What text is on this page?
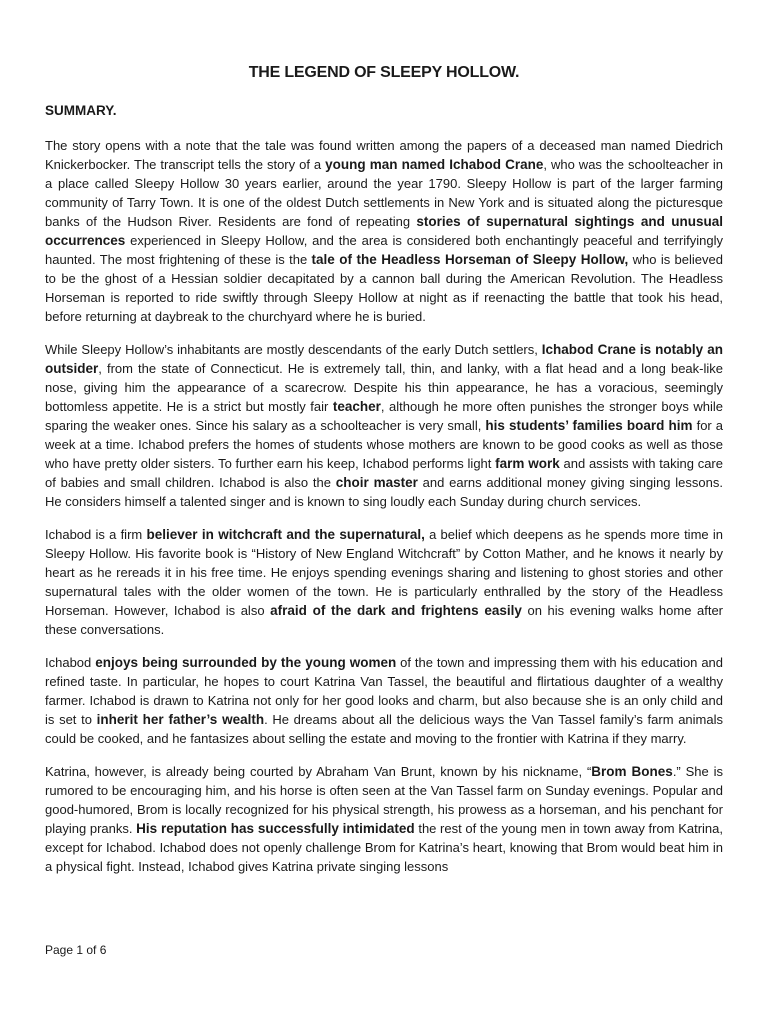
THE LEGEND OF SLEEPY HOLLOW.
SUMMARY.

The story opens with a note that the tale was found written among the papers of a deceased man named Diedrich Knickerbocker. The transcript tells the story of a young man named Ichabod Crane, who was the schoolteacher in a place called Sleepy Hollow 30 years earlier, around the year 1790. Sleepy Hollow is part of the larger farming community of Tarry Town. It is one of the oldest Dutch settlements in New York and is situated along the picturesque banks of the Hudson River. Residents are fond of repeating stories of supernatural sightings and unusual occurrences experienced in Sleepy Hollow, and the area is considered both enchantingly peaceful and terrifyingly haunted. The most frightening of these is the tale of the Headless Horseman of Sleepy Hollow, who is believed to be the ghost of a Hessian soldier decapitated by a cannon ball during the American Revolution. The Headless Horseman is reported to ride swiftly through Sleepy Hollow at night as if reenacting the battle that took his head, before returning at daybreak to the churchyard where he is buried.

While Sleepy Hollow’s inhabitants are mostly descendants of the early Dutch settlers, Ichabod Crane is notably an outsider, from the state of Connecticut. He is extremely tall, thin, and lanky, with a flat head and a long beak-like nose, giving him the appearance of a scarecrow. Despite his thin appearance, he has a voracious, seemingly bottomless appetite. He is a strict but mostly fair teacher, although he more often punishes the stronger boys while sparing the weaker ones. Since his salary as a schoolteacher is very small, his students’ families board him for a week at a time. Ichabod prefers the homes of students whose mothers are known to be good cooks as well as those who have pretty older sisters. To further earn his keep, Ichabod performs light farm work and assists with taking care of babies and small children. Ichabod is also the choir master and earns additional money giving singing lessons. He considers himself a talented singer and is known to sing loudly each Sunday during church services.

Ichabod is a firm believer in witchcraft and the supernatural, a belief which deepens as he spends more time in Sleepy Hollow. His favorite book is “History of New England Witchcraft” by Cotton Mather, and he knows it nearly by heart as he rereads it in his free time. He enjoys spending evenings sharing and listening to ghost stories and other supernatural tales with the older women of the town. He is particularly enthralled by the story of the Headless Horseman. However, Ichabod is also afraid of the dark and frightens easily on his evening walks home after these conversations.

Ichabod enjoys being surrounded by the young women of the town and impressing them with his education and refined taste. In particular, he hopes to court Katrina Van Tassel, the beautiful and flirtatious daughter of a wealthy farmer. Ichabod is drawn to Katrina not only for her good looks and charm, but also because she is an only child and is set to inherit her father’s wealth. He dreams about all the delicious ways the Van Tassel family’s farm animals could be cooked, and he fantasizes about selling the estate and moving to the frontier with Katrina if they marry.

Katrina, however, is already being courted by Abraham Van Brunt, known by his nickname, “Brom Bones.” She is rumored to be encouraging him, and his horse is often seen at the Van Tassel farm on Sunday evenings. Popular and good-humored, Brom is locally recognized for his physical strength, his prowess as a horseman, and his penchant for playing pranks. His reputation has successfully intimidated the rest of the young men in town away from Katrina, except for Ichabod. Ichabod does not openly challenge Brom for Katrina’s heart, knowing that Brom would beat him in a physical fight. Instead, Ichabod gives Katrina private singing lessons

Page 1 of 6
